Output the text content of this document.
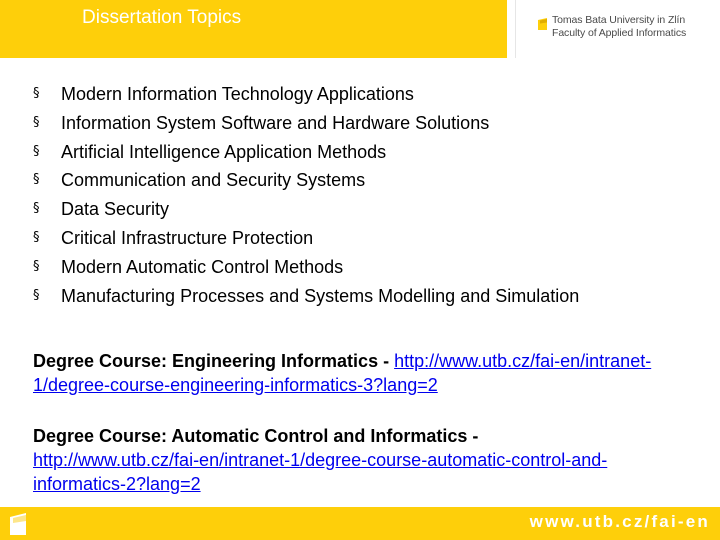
Dissertation Topics	Tomas Bata University in Zlín
Faculty of Applied Informatics
§ Modern Information Technology Applications
§ Information System Software and Hardware Solutions
§ Artificial Intelligence Application Methods
§ Communication and Security Systems
§ Data Security
§ Critical Infrastructure Protection
§ Modern Automatic Control Methods
§ Manufacturing Processes and Systems Modelling and Simulation
Degree Course: Engineering Informatics - http://www.utb.cz/fai-en/intranet-1/degree-course-engineering-informatics-3?lang=2
Degree Course: Automatic Control and Informatics -
http://www.utb.cz/fai-en/intranet-1/degree-course-automatic-control-and-informatics-2?lang=2
www.utb.cz/fai-en
